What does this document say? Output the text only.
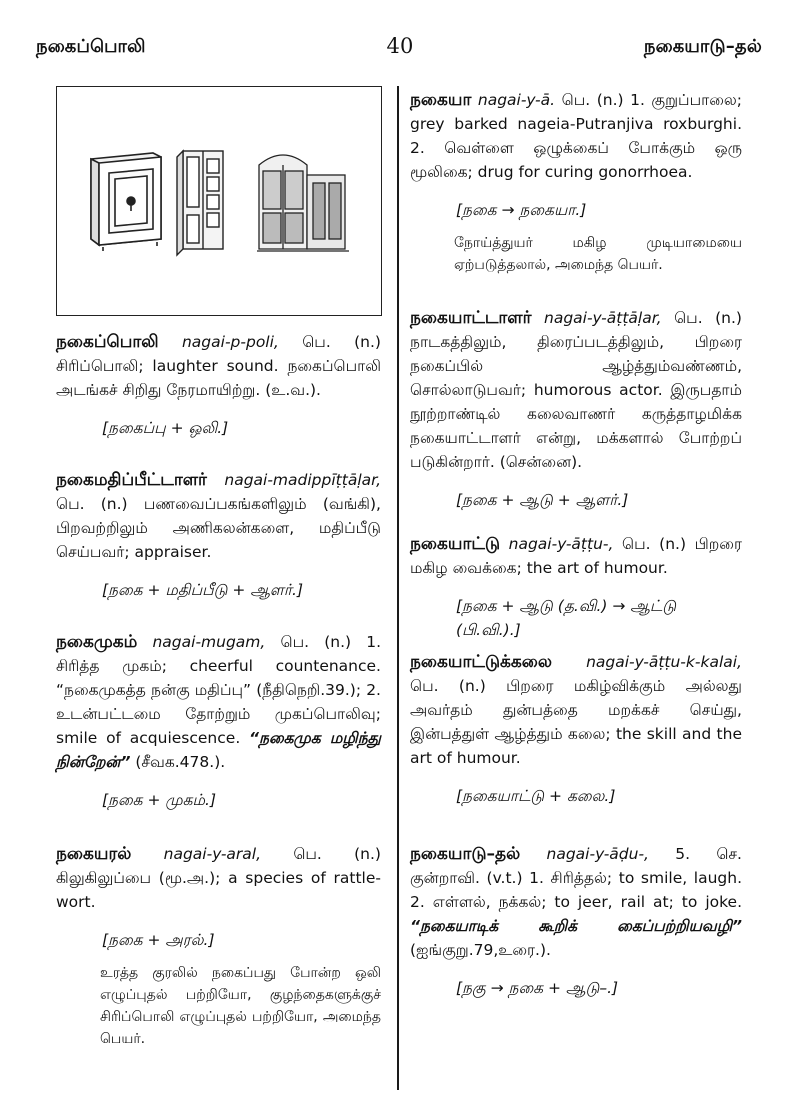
நகைப்பொலி	40	நகையாடு–தல்
நகைப்பொலி nagai-p-poli, பெ. (n.) சிரிப்பொலி; laughter sound. நகைப்பொலி அடங்கச் சிறிது நேரமாயிற்று. (உ.வ.).
[நகைப்பு + ஒலி.]
நகைமதிப்பீட்டாளர் nagai-madippīṭṭāḷar, பெ. (n.) பணவைப்பகங்களிலும் (வங்கி), பிறவற்றிலும் அணிகலன்களை, மதிப்பீடு செய்பவர்; appraiser.
[நகை + மதிப்பீடு + ஆளர்.]
நகைமுகம் nagai-mugam, பெ. (n.) 1. சிரித்த முகம்; cheerful countenance. “நகைமுகத்த நன்கு மதிப்பு” (நீதிநெறி.39.); 2. உடன்பட்டமை தோற்றும் முகப்பொலிவு; smile of acquiescence. “நகைமுக மழிந்து நின்றேன்” (சீவக.478.).
[நகை + முகம்.]
நகையரல் nagai-y-aral, பெ. (n.) கிலுகிலுப்பை (மூ.அ.); a species of rattle-wort.
[நகை + அரல்.]
உரத்த குரலில் நகைப்பது போன்ற ஒலி எழுப்புதல் பற்றியோ, குழந்தைகளுக்குச் சிரிப்பொலி எழுப்புதல் பற்றியோ, அமைந்த பெயர்.
நகையா nagai-y-ā. பெ. (n.) 1. குறுப்பாலை; grey barked nageia-Putranjiva roxburghi. 2. வெள்ளை ஒழுக்கைப் போக்கும் ஒரு மூலிகை; drug for curing gonorrhoea.
[நகை → நகையா.]
நோய்த்துயர் மகிழ முடியாமையை ஏற்படுத்தலால், அமைந்த பெயர்.
நகையாட்டாளர் nagai-y-āṭṭāḷar, பெ. (n.) நாடகத்திலும், திரைப்படத்திலும், பிறரை நகைப்பில் ஆழ்த்தும்வண்ணம், சொல்லாடுபவர்; humorous actor. இருபதாம் நூற்றாண்டில் கலைவாணர் கருத்தாழமிக்க நகையாட்டாளர் என்று, மக்களால் போற்றப் படுகின்றார். (சென்னை).
[நகை + ஆடு + ஆளர்.]
நகையாட்டு nagai-y-āṭṭu-, பெ. (n.) பிறரை மகிழ வைக்கை; the art of humour.
[நகை + ஆடு (த.வி.) → ஆட்டு (பி.வி.).]
நகையாட்டுக்கலை nagai-y-āṭṭu-k-kalai, பெ. (n.) பிறரை மகிழ்விக்கும் அல்லது அவர்தம் துன்பத்தை மறக்கச் செய்து, இன்பத்துள் ஆழ்த்தும் கலை; the skill and the art of humour.
[நகையாட்டு + கலை.]
நகையாடு–தல் nagai-y-āḍu-, 5. செ. குன்றாவி. (v.t.) 1. சிரித்தல்; to smile, laugh. 2. எள்ளல், நக்கல்; to jeer, rail at; to joke. “நகையாடிக் கூறிக் கைப்பற்றியவழி” (ஐங்குறு.79,உரை.).
[நகு → நகை + ஆடு–.]
